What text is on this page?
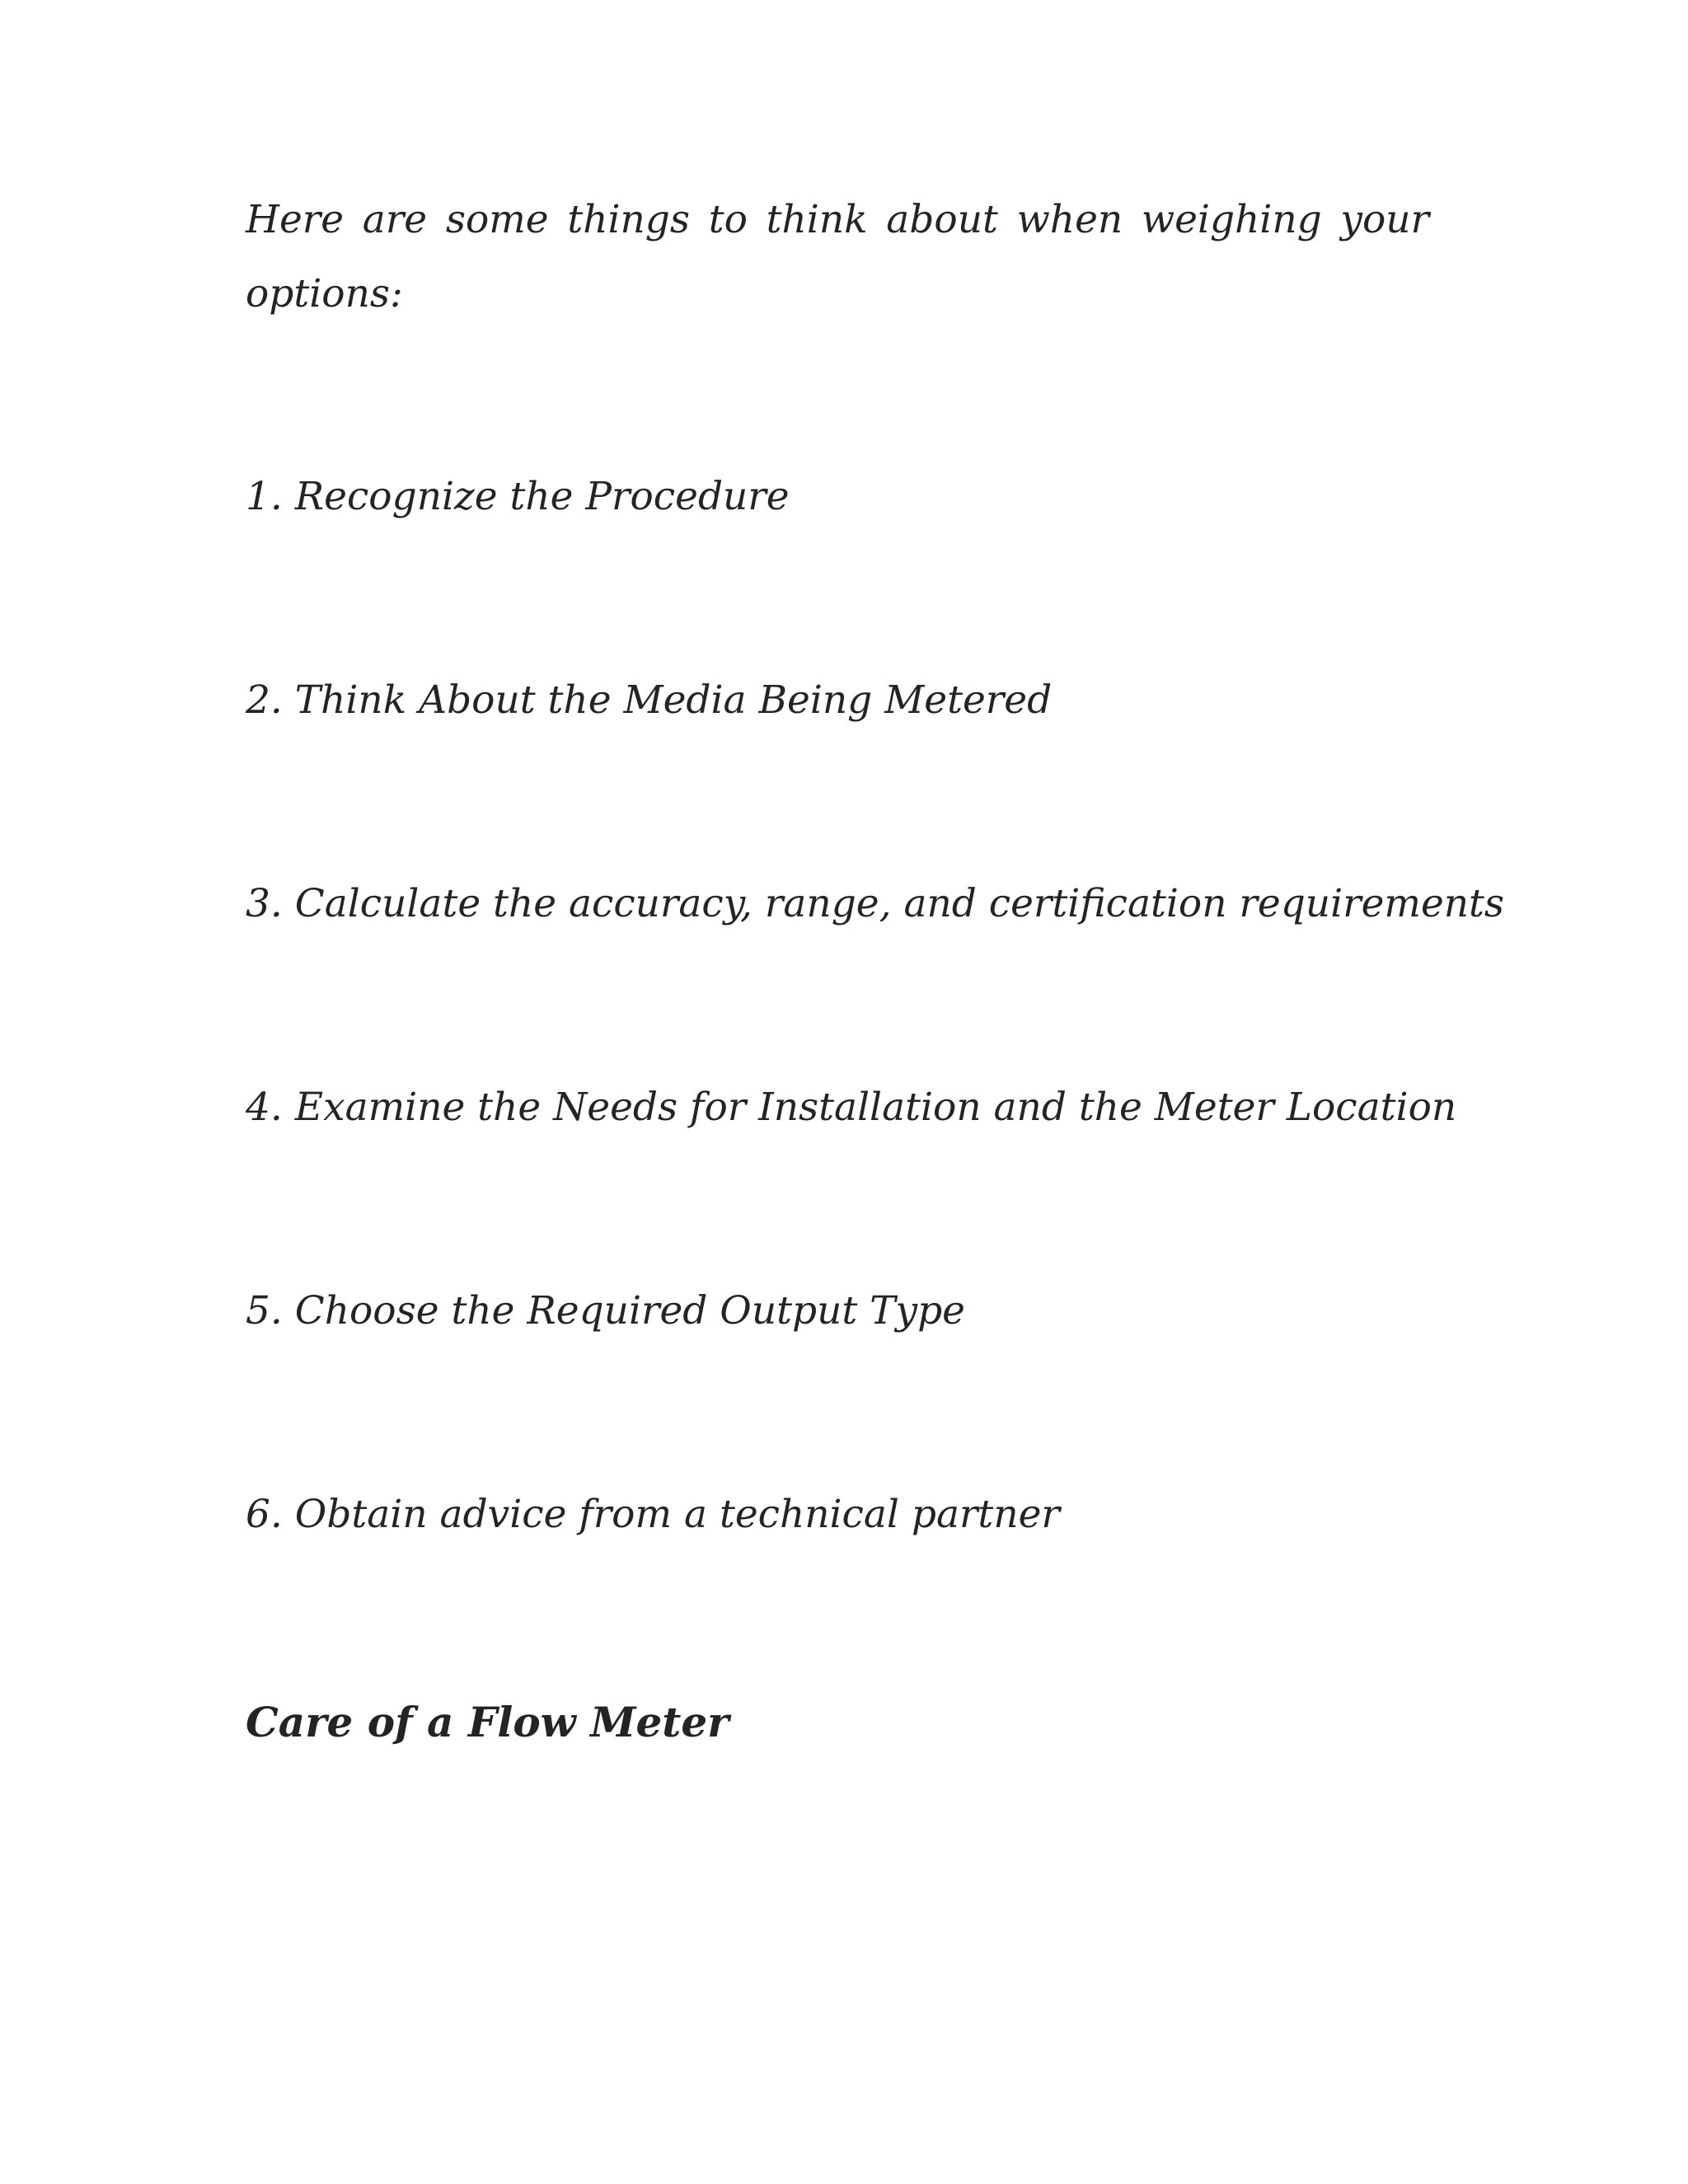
Here are some things to think about when weighing your options:

1. Recognize the Procedure

2. Think About the Media Being Metered

3. Calculate the accuracy, range, and certification requirements

4. Examine the Needs for Installation and the Meter Location

5. Choose the Required Output Type

6. Obtain advice from a technical partner

Care of a Flow Meter
